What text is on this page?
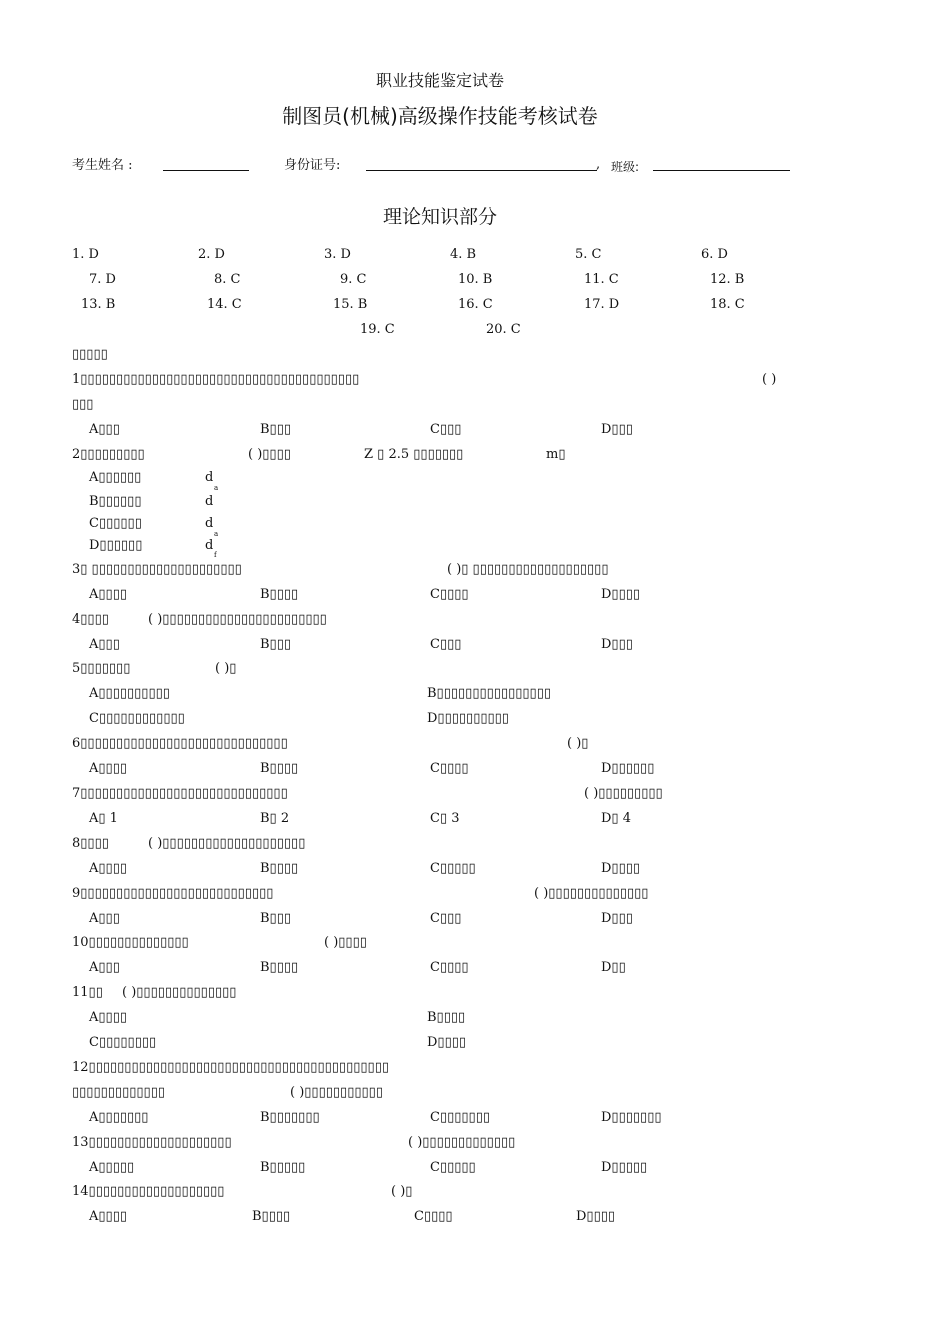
职业技能鉴定试卷
制图员(机械)高级操作技能考核试卷
考生姓名 :	身份证号:	, 班级:
理论知识部分
1. D	2. D	3. D	4. B	5. C	6. D
7. D	8. C	9. C	10. B	11. C	12. B
13. B	14. C	15. B	16. C	17. D	18. C
19. C	20. C
▯▯▯▯▯
1▯▯▯▯▯▯▯▯▯▯▯▯▯▯▯▯▯▯▯▯▯▯▯▯▯▯▯▯▯▯▯▯▯▯▯▯▯▯▯	( )
▯▯▯
A▯▯▯	B▯▯▯	C▯▯▯	D▯▯▯
2▯▯▯▯▯▯▯▯▯	( )▯▯▯▯	Z ▯ 2.5 ▯▯▯▯▯▯▯	m▯
A▯▯▯▯▯▯	d
a
B▯▯▯▯▯▯	d
C▯▯▯▯▯▯	d
a
D▯▯▯▯▯▯	d
f
3▯ ▯▯▯▯▯▯▯▯▯▯▯▯▯▯▯▯▯▯▯▯▯	( )▯ ▯▯▯▯▯▯▯▯▯▯▯▯▯▯▯▯▯▯▯
A▯▯▯▯	B▯▯▯▯	C▯▯▯▯	D▯▯▯▯
4▯▯▯▯	( )▯▯▯▯▯▯▯▯▯▯▯▯▯▯▯▯▯▯▯▯▯▯▯
A▯▯▯	B▯▯▯	C▯▯▯	D▯▯▯
5▯▯▯▯▯▯▯	( )▯
A▯▯▯▯▯▯▯▯▯▯	B▯▯▯▯▯▯▯▯▯▯▯▯▯▯▯▯
C▯▯▯▯▯▯▯▯▯▯▯▯	D▯▯▯▯▯▯▯▯▯▯
6▯▯▯▯▯▯▯▯▯▯▯▯▯▯▯▯▯▯▯▯▯▯▯▯▯▯▯▯▯	( )▯
A▯▯▯▯	B▯▯▯▯	C▯▯▯▯	D▯▯▯▯▯▯
7▯▯▯▯▯▯▯▯▯▯▯▯▯▯▯▯▯▯▯▯▯▯▯▯▯▯▯▯▯	( )▯▯▯▯▯▯▯▯▯
A▯ 1	B▯ 2	C▯ 3	D▯ 4
8▯▯▯▯	( )▯▯▯▯▯▯▯▯▯▯▯▯▯▯▯▯▯▯▯▯
A▯▯▯▯	B▯▯▯▯	C▯▯▯▯▯	D▯▯▯▯
9▯▯▯▯▯▯▯▯▯▯▯▯▯▯▯▯▯▯▯▯▯▯▯▯▯▯▯	( )▯▯▯▯▯▯▯▯▯▯▯▯▯▯
A▯▯▯	B▯▯▯	C▯▯▯	D▯▯▯
10▯▯▯▯▯▯▯▯▯▯▯▯▯▯	( )▯▯▯▯
A▯▯▯	B▯▯▯▯	C▯▯▯▯	D▯▯
11▯▯ ( )▯▯▯▯▯▯▯▯▯▯▯▯▯▯
A▯▯▯▯	B▯▯▯▯
C▯▯▯▯▯▯▯▯	D▯▯▯▯
12▯▯▯▯▯▯▯▯▯▯▯▯▯▯▯▯▯▯▯▯▯▯▯▯▯▯▯▯▯▯▯▯▯▯▯▯▯▯▯▯▯▯
▯▯▯▯▯▯▯▯▯▯▯▯▯	( )▯▯▯▯▯▯▯▯▯▯▯
A▯▯▯▯▯▯▯	B▯▯▯▯▯▯▯	C▯▯▯▯▯▯▯	D▯▯▯▯▯▯▯
13▯▯▯▯▯▯▯▯▯▯▯▯▯▯▯▯▯▯▯▯	( )▯▯▯▯▯▯▯▯▯▯▯▯▯
A▯▯▯▯▯	B▯▯▯▯▯	C▯▯▯▯▯	D▯▯▯▯▯
14▯▯▯▯▯▯▯▯▯▯▯▯▯▯▯▯▯▯▯	( )▯
A▯▯▯▯	B▯▯▯▯	C▯▯▯▯	D▯▯▯▯
